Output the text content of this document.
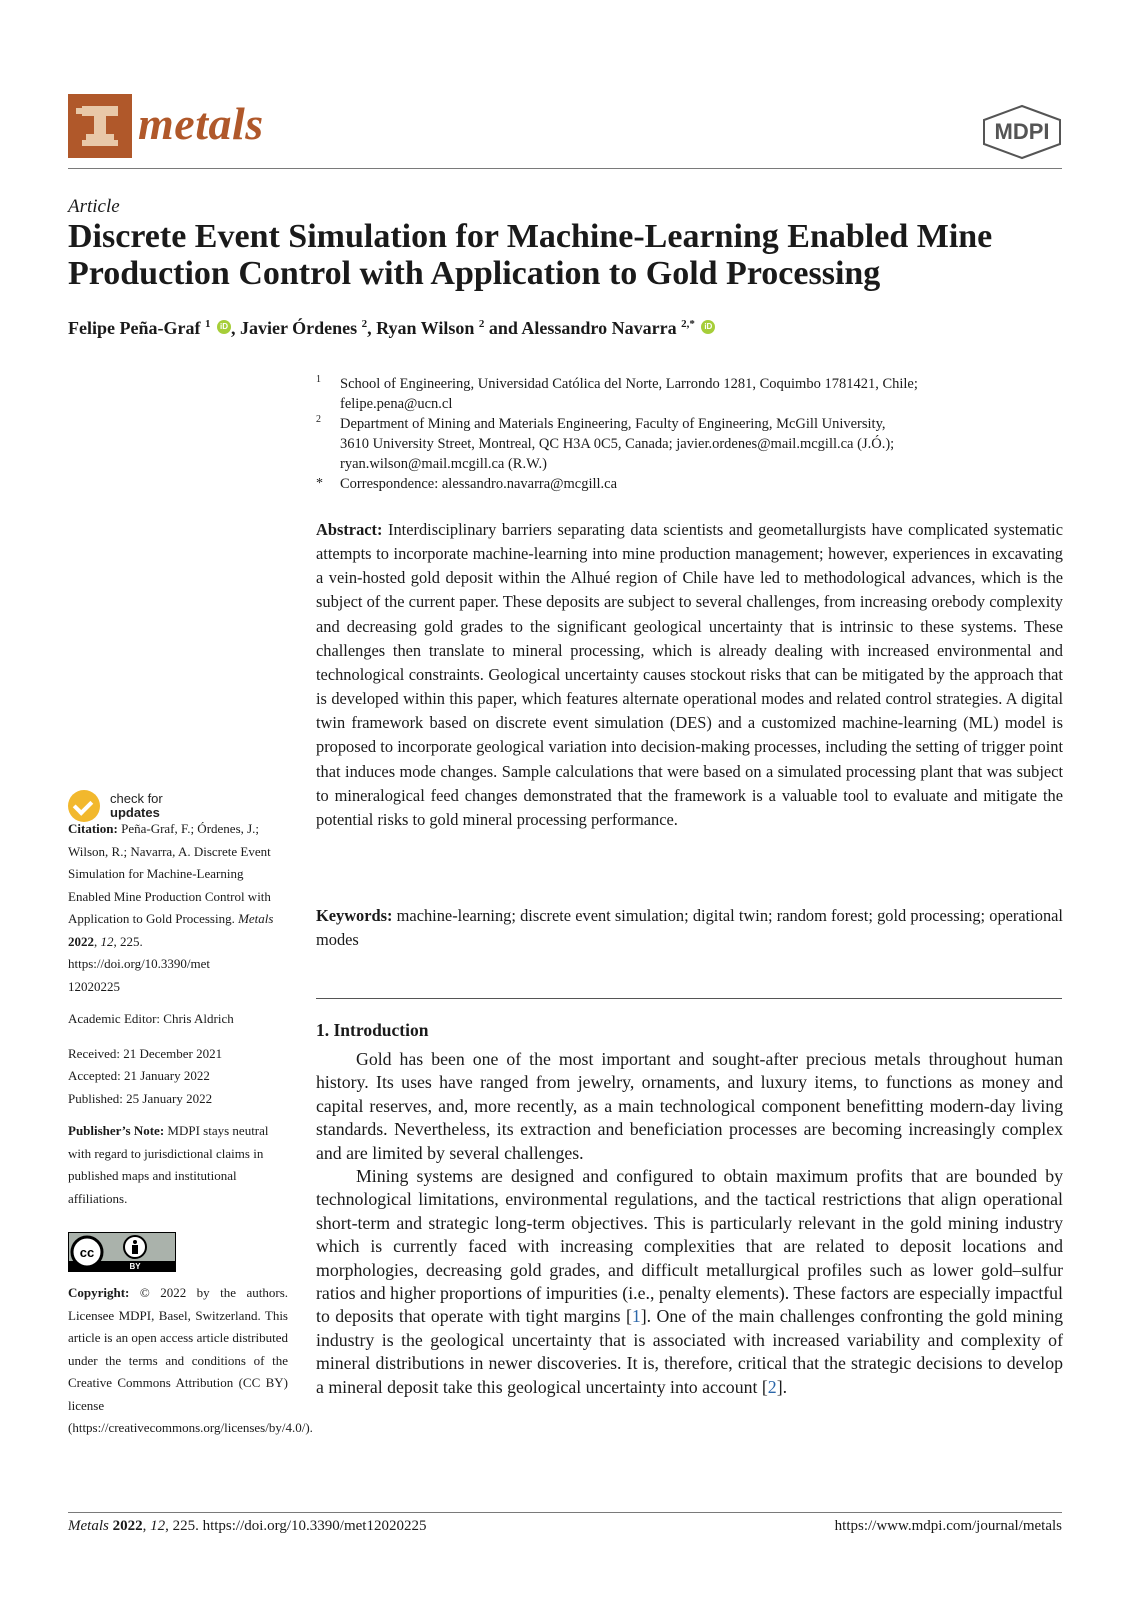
metals	MDPI
Article
Discrete Event Simulation for Machine-Learning Enabled Mine
Production Control with Application to Gold Processing
Felipe Peña-Graf $^1$ iD , Javier Órdenes $^2$, Ryan Wilson $^2$ and Alessandro Navarra $^{2,*}$ iD
1 School of Engineering, Universidad Católica del Norte, Larrondo 1281, Coquimbo 1781421, Chile;
felipe.pena@ucn.cl
2 Department of Mining and Materials Engineering, Faculty of Engineering, McGill University,
3610 University Street, Montreal, QC H3A 0C5, Canada; javier.ordenes@mail.mcgill.ca (J.Ó.);
ryan.wilson@mail.mcgill.ca (R.W.)
* Correspondence: alessandro.navarra@mcgill.ca
Abstract: Interdisciplinary barriers separating data scientists and geometallurgists have complicated systematic attempts to incorporate machine-learning into mine production management; however, experiences in excavating a vein-hosted gold deposit within the Alhué region of Chile have led to methodological advances, which is the subject of the current paper. These deposits are subject to several challenges, from increasing orebody complexity and decreasing gold grades to the significant geological uncertainty that is intrinsic to these systems. These challenges then translate to mineral processing, which is already dealing with increased environmental and technological constraints. Geological uncertainty causes stockout risks that can be mitigated by the approach that is developed within this paper, which features alternate operational modes and related control strategies. A digital twin framework based on discrete event simulation (DES) and a customized machine-learning (ML) model is proposed to incorporate geological variation into decision-making processes, including the setting of trigger point that induces mode changes. Sample calculations that were based on a simulated processing plant that was subject to mineralogical feed changes demonstrated that the framework is a valuable tool to evaluate and mitigate the potential risks to gold mineral processing performance.
Keywords: machine-learning; discrete event simulation; digital twin; random forest; gold processing; operational modes
1. Introduction

Gold has been one of the most important and sought-after precious metals throughout human history. Its uses have ranged from jewelry, ornaments, and luxury items, to functions as money and capital reserves, and, more recently, as a main technological component benefitting modern-day living standards. Nevertheless, its extraction and beneficiation processes are becoming increasingly complex and are limited by several challenges.

Mining systems are designed and configured to obtain maximum profits that are bounded by technological limitations, environmental regulations, and the tactical restrictions that align operational short-term and strategic long-term objectives. This is particularly relevant in the gold mining industry which is currently faced with increasing complexities that are related to deposit locations and morphologies, decreasing gold grades, and difficult metallurgical profiles such as lower gold–sulfur ratios and higher proportions of impurities (i.e., penalty elements). These factors are especially impactful to deposits that operate with tight margins [1]. One of the main challenges confronting the gold mining industry is the geological uncertainty that is associated with increased variability and complexity of mineral distributions in newer discoveries. It is, therefore, critical that the strategic decisions to develop a mineral deposit take this geological uncertainty into account [2].

check for
updates
Citation: Peña-Graf, F.; Órdenes, J.; Wilson, R.; Navarra, A. Discrete Event Simulation for Machine-Learning Enabled Mine Production Control with Application to Gold Processing. Metals 2022, 12, 225.
https://doi.org/10.3390/met
12020225
Academic Editor: Chris Aldrich
Received: 21 December 2021
Accepted: 21 January 2022
Published: 25 January 2022
Publisher’s Note: MDPI stays neutral with regard to jurisdictional claims in published maps and institutional affiliations.
cc
BY
Copyright: © 2022 by the authors. Licensee MDPI, Basel, Switzerland. This article is an open access article distributed under the terms and conditions of the Creative Commons Attribution (CC BY) license (https://creativecommons.org/licenses/by/4.0/).
Metals 2022, 12, 225. https://doi.org/10.3390/met12020225	https://www.mdpi.com/journal/metals
